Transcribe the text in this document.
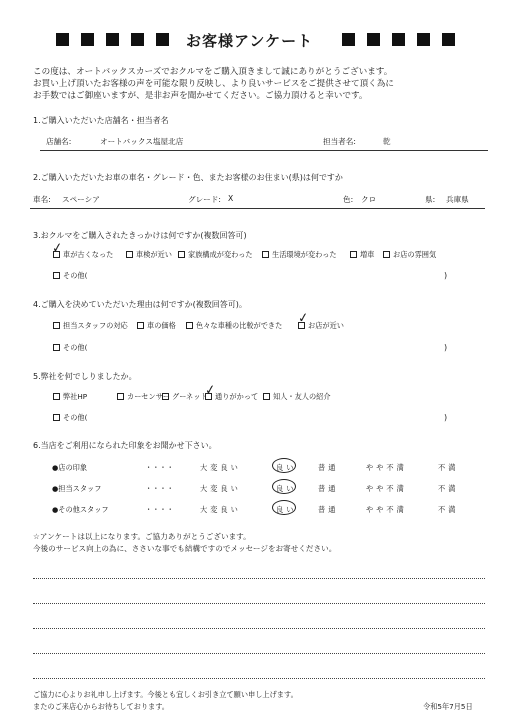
お客様アンケート
この度は、オートバックスカーズでおクルマをご購入頂きまして誠にありがとうございます。
お買い上げ頂いたお客様の声を可能な限り反映し、より良いサービスをご提供させて頂く為に
お手数ではご御座いますが、是非お声を聞かせてください。ご協力頂けると幸いです。
1.ご購入いただいた店舗名・担当者名
店舗名:	オートバックス塩屋北店	担当者名:	乾
2.ご購入いただいたお車の車名・グレード・色、またお客様のお住まい(県)は何ですか
車名: スペーシア	グレード: X	色: クロ	県: 兵庫県
3.おクルマをご購入されたきっかけは何ですか(複数回答可)
車が古くなった	車検が近い	家族構成が変わった	生活環境が変わった	増車	お店の雰囲気
✓
その他(	)
4.ご購入を決めていただいた理由は何ですか(複数回答可)。
担当スタッフの対応	車の価格	色々な車種の比較ができた	お店が近い
✓
その他(	)
5.弊社を何でしりましたか。
弊社HP	カーセンサー グーネット	通りがかって	知人・友人の紹介
✓
その他(	)
6.当店をご利用になられた印象をお聞かせ下さい。
●店の印象	・・・・	大変良い	良い	普通	やや不満	不満
●担当スタッフ	・・・・	大変良い	良い	普通	やや不満	不満
●その他スタッフ	・・・・	大変良い	良い	普通	やや不満	不満
☆アンケートは以上になります。ご協力ありがとうございます。
今後のサービス向上の為に、ささいな事でも結構ですのでメッセージをお寄せください。
ご協力に心よりお礼申し上げます。今後とも宜しくお引き立て願い申し上げます。
またのご来店心からお待ちしております。	令和5年7月5日
